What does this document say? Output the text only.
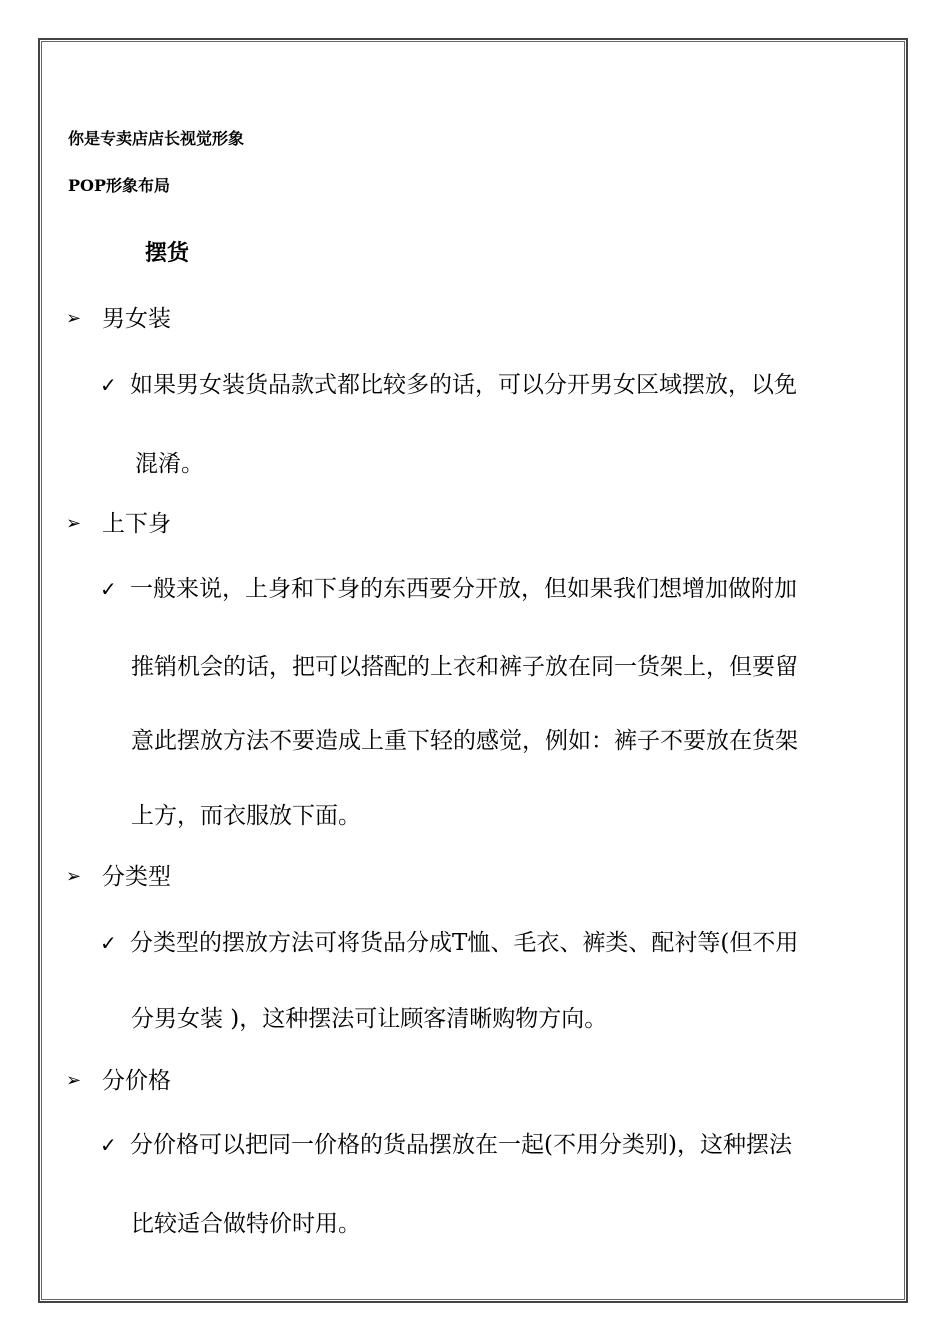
你是专卖店店长视觉形象
POP形象布局
摆货
➢ 男女装
✓ 如果男女装货品款式都比较多的话，可以分开男女区域摆放，以免
混淆。
➢ 上下身
✓ 一般来说，上身和下身的东西要分开放，但如果我们想增加做附加
推销机会的话，把可以搭配的上衣和裤子放在同一货架上，但要留
意此摆放方法不要造成上重下轻的感觉，例如：裤子不要放在货架
上方，而衣服放下面。
➢ 分类型
✓ 分类型的摆放方法可将货品分成T恤、毛衣、裤类、配衬等(但不用
分男女装 )，这种摆法可让顾客清晰购物方向。
➢ 分价格
✓ 分价格可以把同一价格的货品摆放在一起(不用分类别)，这种摆法
比较适合做特价时用。
